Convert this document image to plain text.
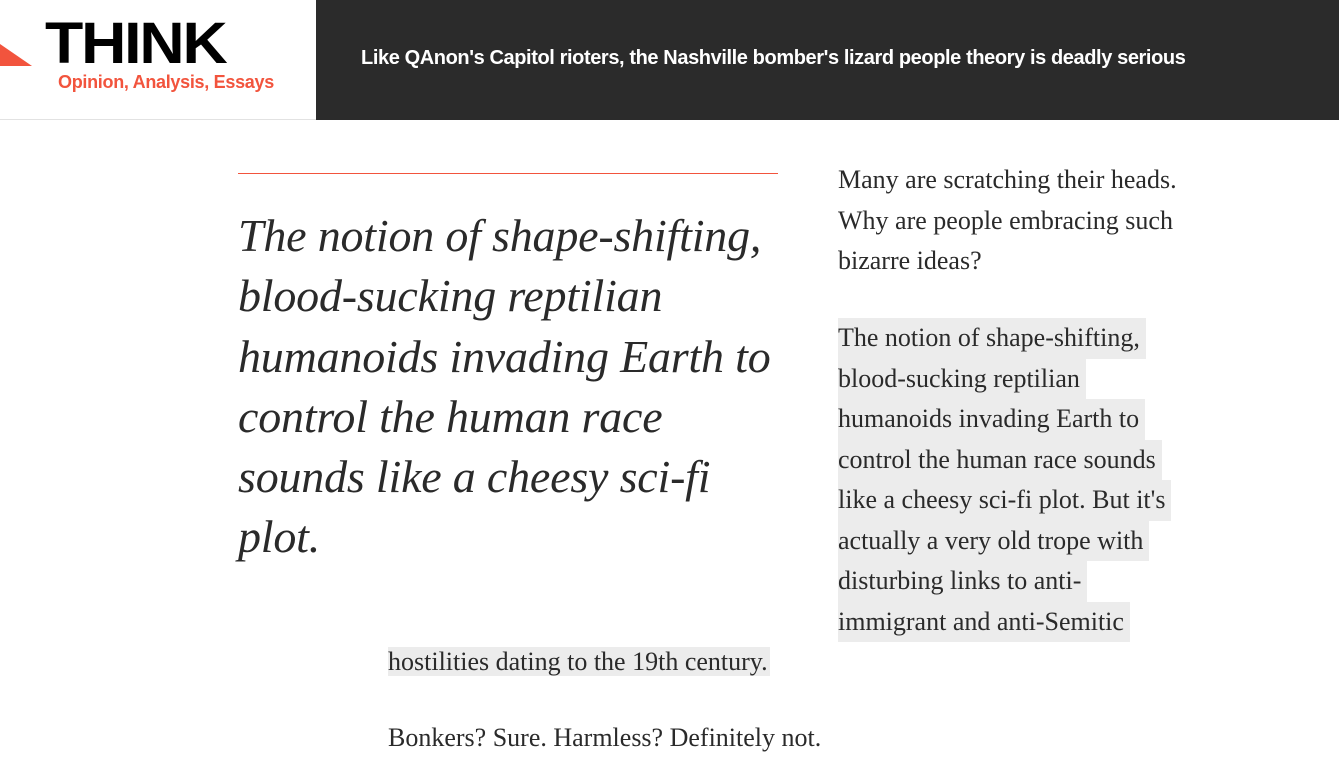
THINK
Opinion, Analysis, Essays
Like QAnon's Capitol rioters, the Nashville bomber's lizard people theory is deadly serious
The notion of shape-shifting, blood-sucking reptilian humanoids invading Earth to control the human race sounds like a cheesy sci-fi plot.

Many are scratching their heads. Why are people embracing such bizarre ideas?

The notion of shape-shifting,
blood-sucking reptilian
humanoids invading Earth to
control the human race sounds
like a cheesy sci-fi plot. But it's
actually a very old trope with
disturbing links to anti-
immigrant and anti-Semitic
hostilities dating to the 19th century.

Bonkers? Sure. Harmless? Definitely not.
